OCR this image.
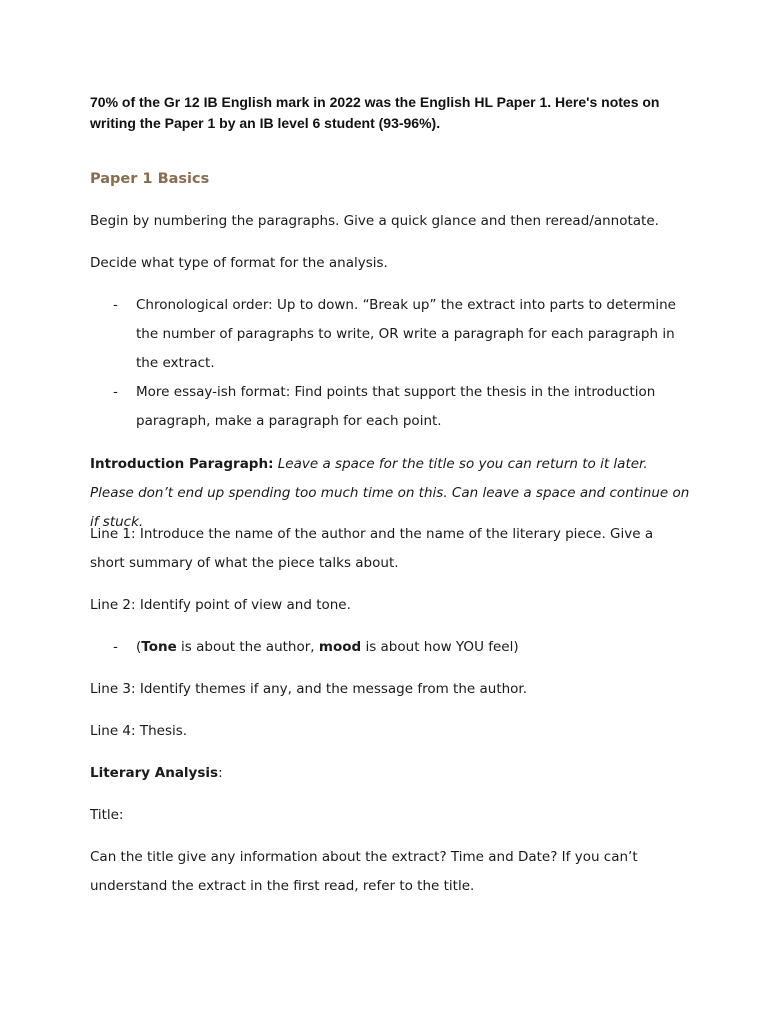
70% of the Gr 12 IB English mark in 2022 was the English HL Paper 1. Here's notes on writing the Paper 1 by an IB level 6 student (93-96%).
Paper 1 Basics
Begin by numbering the paragraphs. Give a quick glance and then reread/annotate.
Decide what type of format for the analysis.
- Chronological order: Up to down. “Break up” the extract into parts to determine the number of paragraphs to write, OR write a paragraph for each paragraph in the extract.
- More essay-ish format: Find points that support the thesis in the introduction paragraph, make a paragraph for each point.
Introduction Paragraph: Leave a space for the title so you can return to it later. Please don’t end up spending too much time on this. Can leave a space and continue on if stuck.
Line 1: Introduce the name of the author and the name of the literary piece. Give a short summary of what the piece talks about.
Line 2: Identify point of view and tone.
- (Tone is about the author, mood is about how YOU feel)
Line 3: Identify themes if any, and the message from the author.
Line 4: Thesis.
Literary Analysis:
Title:
Can the title give any information about the extract? Time and Date? If you can’t understand the extract in the first read, refer to the title.
